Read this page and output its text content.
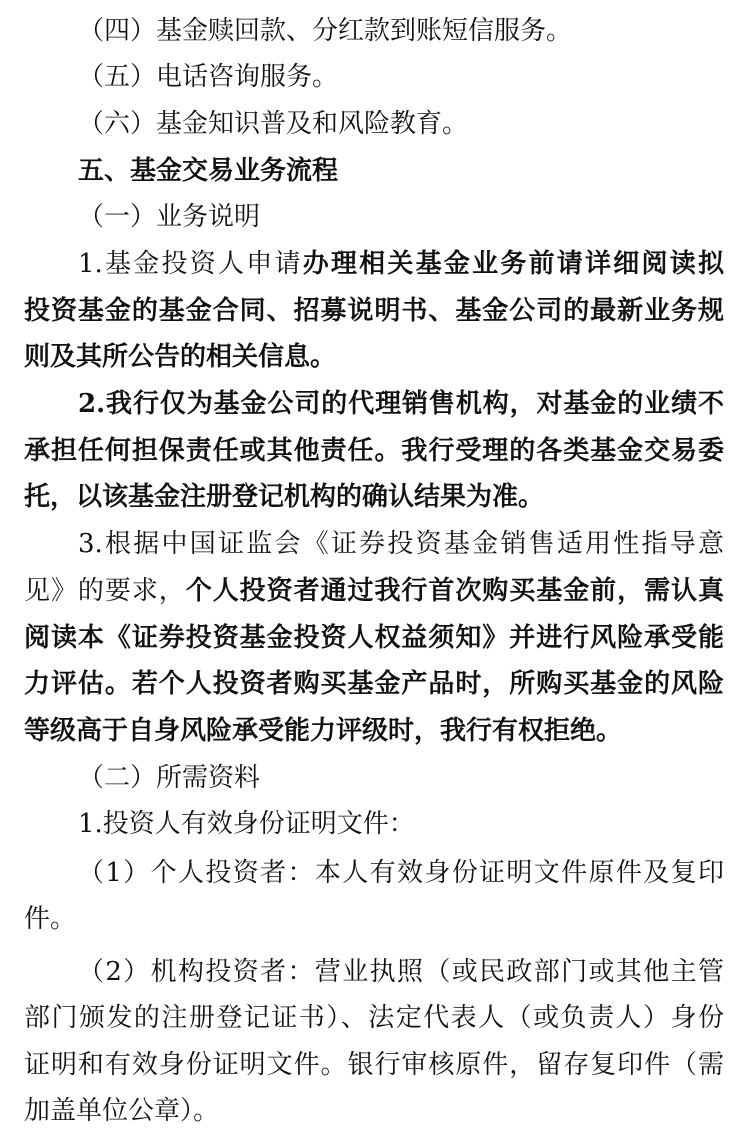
（四）基金赎回款、分红款到账短信服务。
（五）电话咨询服务。
（六）基金知识普及和风险教育。
五、基金交易业务流程
（一）业务说明
1.基金投资人申请办理相关基金业务前请详细阅读拟
投资基金的基金合同、招募说明书、基金公司的最新业务规
则及其所公告的相关信息。
2.我行仅为基金公司的代理销售机构，对基金的业绩不
承担任何担保责任或其他责任。我行受理的各类基金交易委
托，以该基金注册登记机构的确认结果为准。
3.根据中国证监会《证券投资基金销售适用性指导意
见》的要求，个人投资者通过我行首次购买基金前，需认真
阅读本《证券投资基金投资人权益须知》并进行风险承受能
力评估。若个人投资者购买基金产品时，所购买基金的风险
等级高于自身风险承受能力评级时，我行有权拒绝。
（二）所需资料
1.投资人有效身份证明文件：
（1）个人投资者：本人有效身份证明文件原件及复印
件。
（2）机构投资者：营业执照（或民政部门或其他主管
部门颁发的注册登记证书）、法定代表人（或负责人）身份
证明和有效身份证明文件。银行审核原件，留存复印件（需
加盖单位公章）。
